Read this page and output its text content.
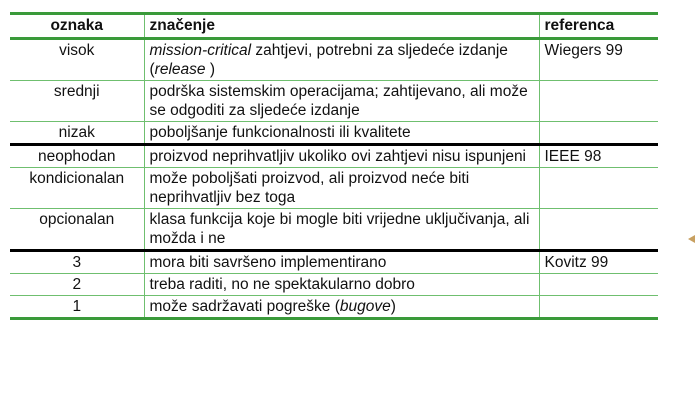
oznaka	značenje	referenca
visok	mission-critical zahtjevi, potrebni za sljedeće izdanje (release )	Wiegers 99
srednji	podrška sistemskim operacijama; zahtijevano, ali može se odgoditi za sljedeće izdanje	
nizak	poboljšanje funkcionalnosti ili kvalitete	
neophodan	proizvod neprihvatljiv ukoliko ovi zahtjevi nisu ispunjeni	IEEE 98
kondicionalan	može poboljšati proizvod, ali proizvod neće biti neprihvatljiv bez toga	
opcionalan	klasa funkcija koje bi mogle biti vrijedne uključivanja, ali možda i ne	
3	mora biti savršeno implementirano	Kovitz 99
2	treba raditi, no ne spektakularno dobro	
1	može sadržavati pogreške (bugove)	
